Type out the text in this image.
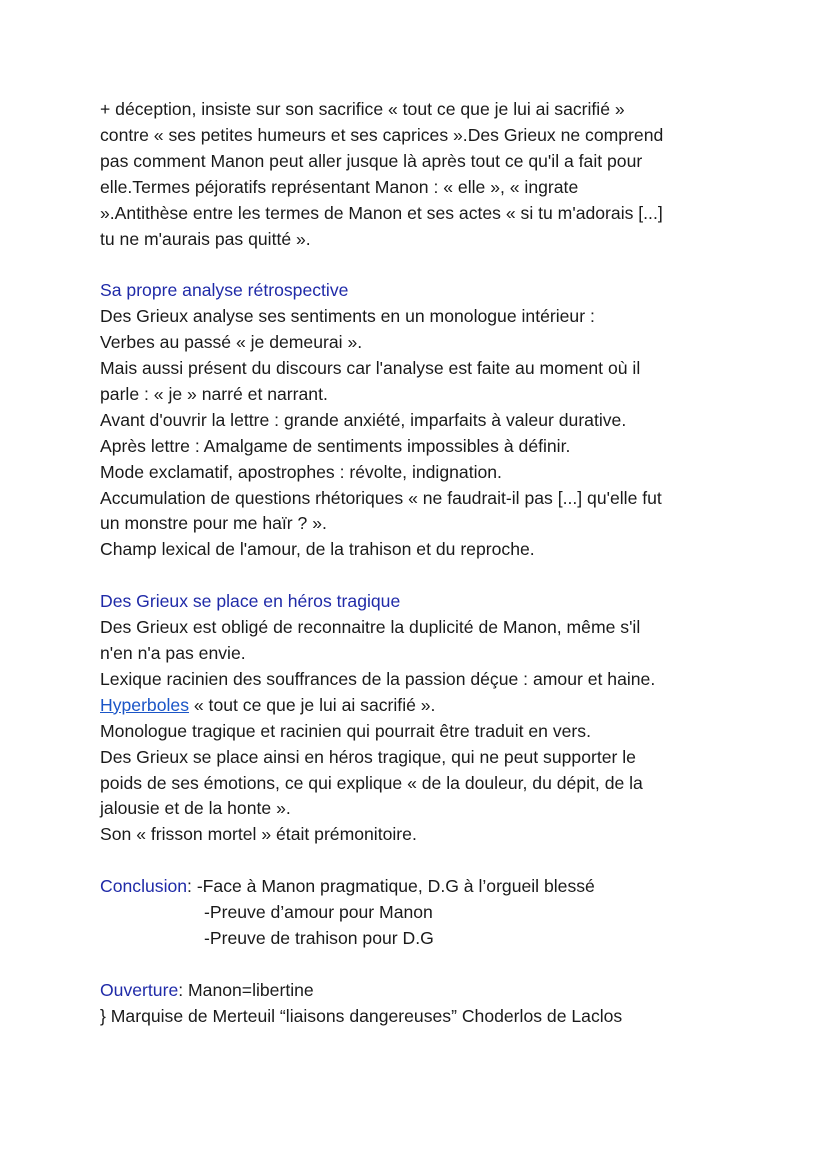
+ déception, insiste sur son sacrifice « tout ce que je lui ai sacrifié »
contre « ses petites humeurs et ses caprices ».Des Grieux ne comprend
pas comment Manon peut aller jusque là après tout ce qu'il a fait pour
elle.Termes péjoratifs représentant Manon : « elle », « ingrate
».Antithèse entre les termes de Manon et ses actes « si tu m'adorais [...]
tu ne m'aurais pas quitté ».
Sa propre analyse rétrospective
Des Grieux analyse ses sentiments en un monologue intérieur :
Verbes au passé « je demeurai ».
Mais aussi présent du discours car l'analyse est faite au moment où il
parle : « je » narré et narrant.
Avant d'ouvrir la lettre : grande anxiété, imparfaits à valeur durative.
Après lettre : Amalgame de sentiments impossibles à définir.
Mode exclamatif, apostrophes : révolte, indignation.
Accumulation de questions rhétoriques « ne faudrait-il pas [...] qu'elle fut
un monstre pour me haïr ? ».
Champ lexical de l'amour, de la trahison et du reproche.
Des Grieux se place en héros tragique
Des Grieux est obligé de reconnaitre la duplicité de Manon, même s'il
n'en n'a pas envie.
Lexique racinien des souffrances de la passion déçue : amour et haine.
Hyperboles « tout ce que je lui ai sacrifié ».
Monologue tragique et racinien qui pourrait être traduit en vers.
Des Grieux se place ainsi en héros tragique, qui ne peut supporter le
poids de ses émotions, ce qui explique « de la douleur, du dépit, de la
jalousie et de la honte ».
Son « frisson mortel » était prémonitoire.
Conclusion: -Face à Manon pragmatique, D.G à l’orgueil blessé
-Preuve d’amour pour Manon
-Preuve de trahison pour D.G
Ouverture: Manon=libertine
} Marquise de Merteuil “liaisons dangereuses” Choderlos de Laclos
